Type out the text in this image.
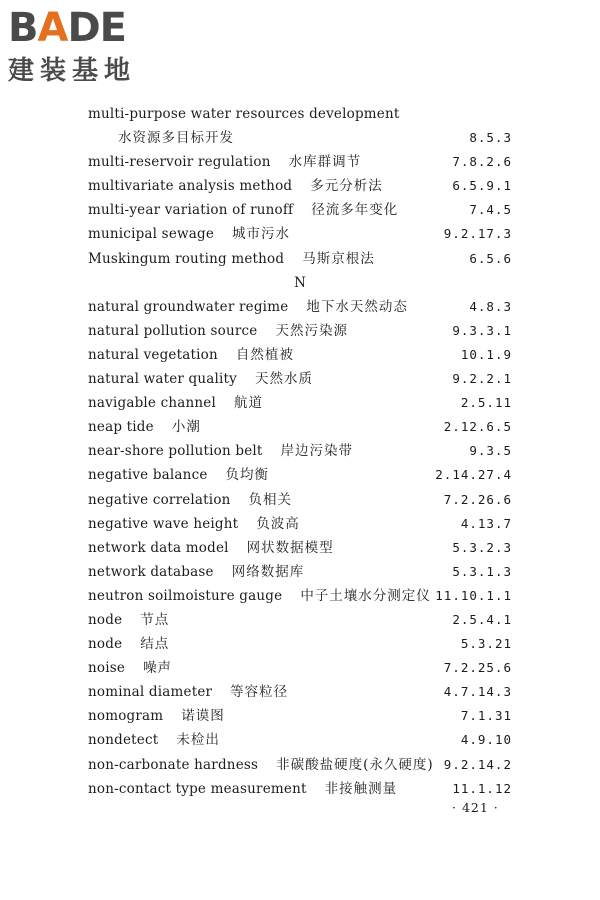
BADE
建装基地
multi-purpose water resources development
水资源多目标开发	8.5.3
multi-reservoir regulation 水库群调节	7.8.2.6
multivariate analysis method 多元分析法	6.5.9.1
multi-year variation of runoff 径流多年变化	7.4.5
municipal sewage 城市污水	9.2.17.3
Muskingum routing method 马斯京根法	6.5.6
N
natural groundwater regime 地下水天然动态	4.8.3
natural pollution source 天然污染源	9.3.3.1
natural vegetation 自然植被	10.1.9
natural water quality 天然水质	9.2.2.1
navigable channel 航道	2.5.11
neap tide 小潮	2.12.6.5
near-shore pollution belt 岸边污染带	9.3.5
negative balance 负均衡	2.14.27.4
negative correlation 负相关	7.2.26.6
negative wave height 负波高	4.13.7
network data model 网状数据模型	5.3.2.3
network database 网络数据库	5.3.1.3
neutron soilmoisture gauge 中子土壤水分测定仪 11.10.1.1
node 节点	2.5.4.1
node 结点	5.3.21
noise 噪声	7.2.25.6
nominal diameter 等容粒径	4.7.14.3
nomogram 诺谟图	7.1.31
nondetect 未检出	4.9.10
non-carbonate hardness 非碳酸盐硬度(永久硬度) 9.2.14.2
non-contact type measurement 非接触测量	11.1.12
· 421 ·
